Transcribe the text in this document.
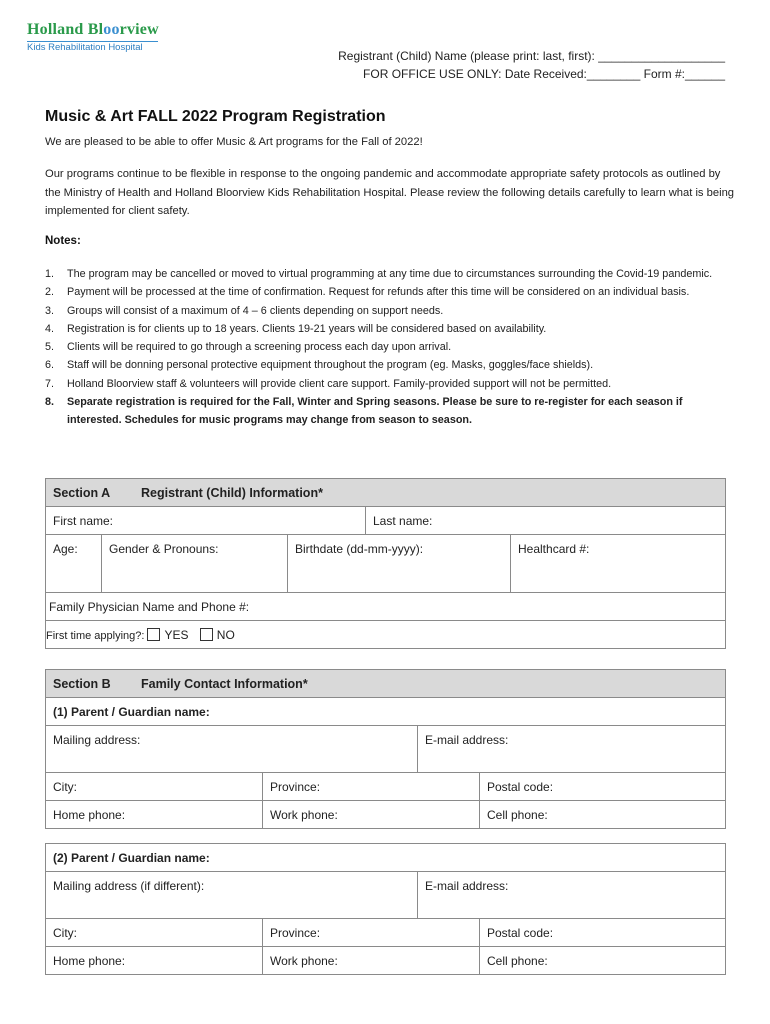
Holland Bloorview
Kids Rehabilitation Hospital
Registrant (Child) Name (please print: last, first): ___________________
FOR OFFICE USE ONLY: Date Received:________ Form #:______
Music & Art FALL 2022 Program Registration
We are pleased to be able to offer Music & Art programs for the Fall of 2022!
Our programs continue to be flexible in response to the ongoing pandemic and accommodate appropriate safety protocols as outlined by the Ministry of Health and Holland Bloorview Kids Rehabilitation Hospital. Please review the following details carefully to learn what is being implemented for client safety.
Notes:
1. The program may be cancelled or moved to virtual programming at any time due to circumstances surrounding the Covid-19 pandemic.
2. Payment will be processed at the time of confirmation. Request for refunds after this time will be considered on an individual basis.
3. Groups will consist of a maximum of 4 – 6 clients depending on support needs.
4. Registration is for clients up to 18 years. Clients 19-21 years will be considered based on availability.
5. Clients will be required to go through a screening process each day upon arrival.
6. Staff will be donning personal protective equipment throughout the program (eg. Masks, goggles/face shields).
7. Holland Bloorview staff & volunteers will provide client care support. Family-provided support will not be permitted.
8. Separate registration is required for the Fall, Winter and Spring seasons. Please be sure to re-register for each season if interested. Schedules for music programs may change from season to season.
Section A Registrant (Child) Information*				
First name:			Last name:	
Age:	Gender & Pronouns:	Birthdate (dd-mm-yyyy):		Healthcard #:
Family Physician Name and Phone #:				
First time applying?: YES NO				
Section B Family Contact Information*			
(1) Parent / Guardian name:			
Mailing address:		E-mail address:	
City:	Province:		Postal code:
Home phone:	Work phone:		Cell phone:
(2) Parent / Guardian name:			
Mailing address (if different):		E-mail address:	
City:	Province:		Postal code:
Home phone:	Work phone:		Cell phone:
